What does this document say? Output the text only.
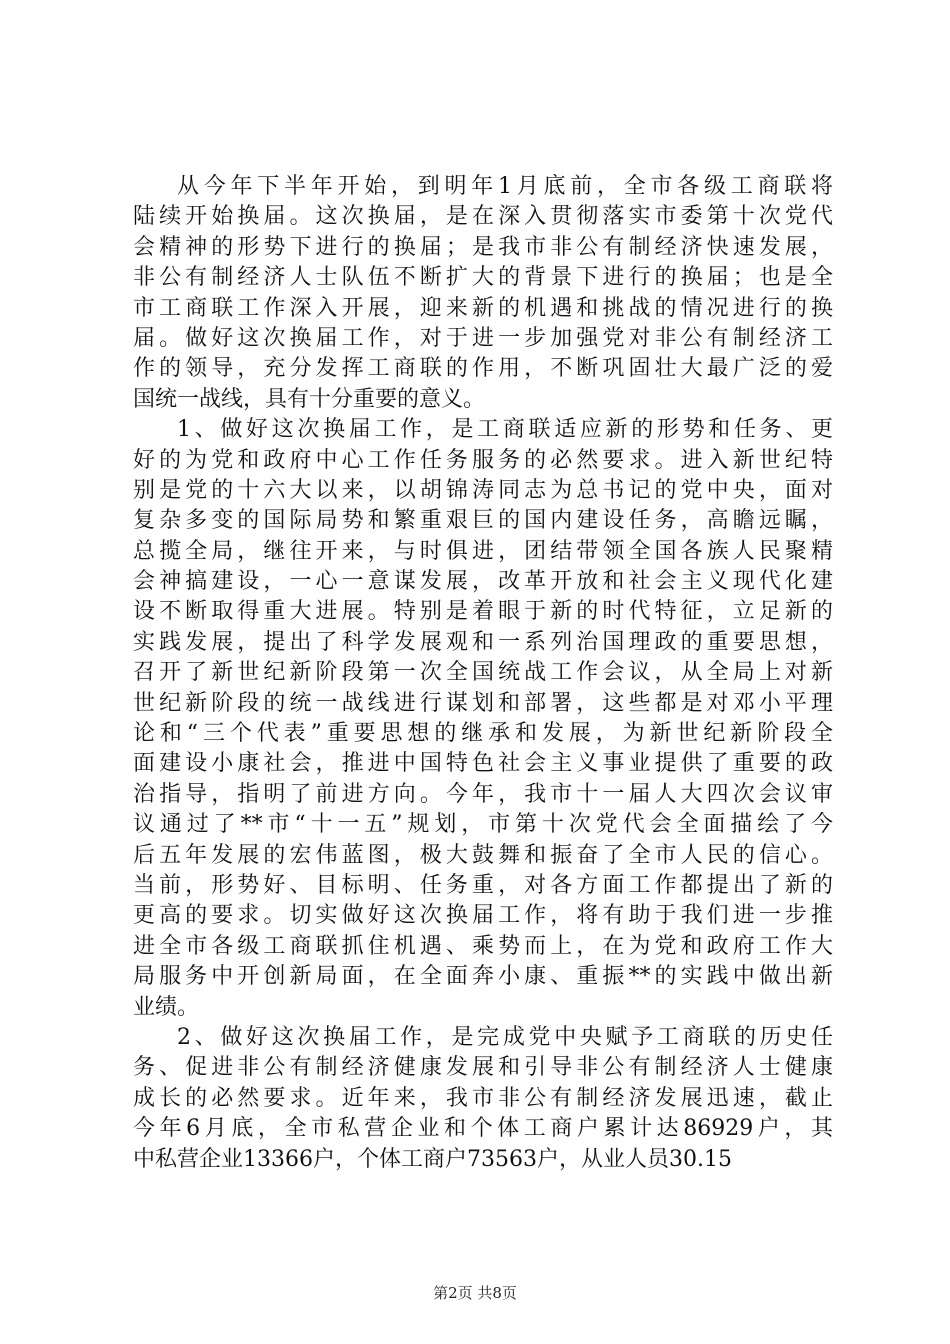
从今年下半年开始，到明年1月底前，全市各级工商联将
陆续开始换届。这次换届，是在深入贯彻落实市委第十次党代
会精神的形势下进行的换届；是我市非公有制经济快速发展，
非公有制经济人士队伍不断扩大的背景下进行的换届；也是全
市工商联工作深入开展，迎来新的机遇和挑战的情况进行的换
届。做好这次换届工作，对于进一步加强党对非公有制经济工
作的领导，充分发挥工商联的作用，不断巩固壮大最广泛的爱
国统一战线，具有十分重要的意义。
1、做好这次换届工作，是工商联适应新的形势和任务、更
好的为党和政府中心工作任务服务的必然要求。进入新世纪特
别是党的十六大以来，以胡锦涛同志为总书记的党中央，面对
复杂多变的国际局势和繁重艰巨的国内建设任务，高瞻远瞩，
总揽全局，继往开来，与时俱进，团结带领全国各族人民聚精
会神搞建设，一心一意谋发展，改革开放和社会主义现代化建
设不断取得重大进展。特别是着眼于新的时代特征，立足新的
实践发展，提出了科学发展观和一系列治国理政的重要思想，
召开了新世纪新阶段第一次全国统战工作会议，从全局上对新
世纪新阶段的统一战线进行谋划和部署，这些都是对邓小平理
论和“三个代表”重要思想的继承和发展，为新世纪新阶段全
面建设小康社会，推进中国特色社会主义事业提供了重要的政
治指导，指明了前进方向。今年，我市十一届人大四次会议审
议通过了**市“十一五”规划，市第十次党代会全面描绘了今
后五年发展的宏伟蓝图，极大鼓舞和振奋了全市人民的信心。
当前，形势好、目标明、任务重，对各方面工作都提出了新的
更高的要求。切实做好这次换届工作，将有助于我们进一步推
进全市各级工商联抓住机遇、乘势而上，在为党和政府工作大
局服务中开创新局面，在全面奔小康、重振**的实践中做出新
业绩。
2、做好这次换届工作，是完成党中央赋予工商联的历史任
务、促进非公有制经济健康发展和引导非公有制经济人士健康
成长的必然要求。近年来，我市非公有制经济发展迅速，截止
今年6月底，全市私营企业和个体工商户累计达86929户，其
中私营企业13366户，个体工商户73563户，从业人员30.15
第2页 共8页
